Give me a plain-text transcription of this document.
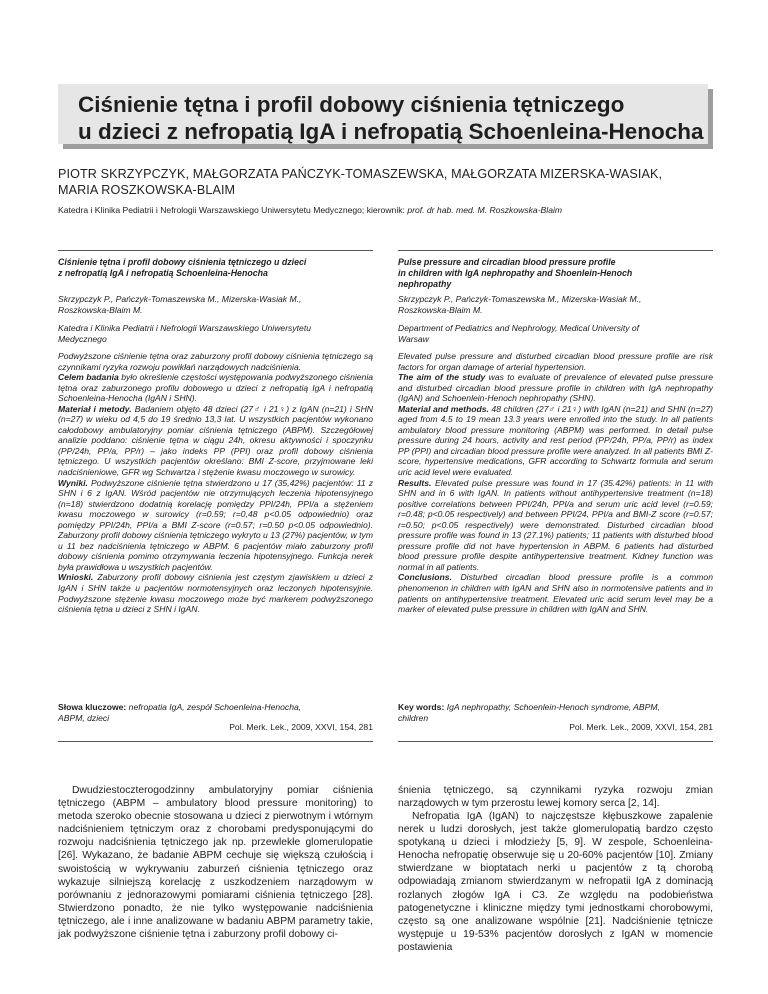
Ciśnienie tętna i profil dobowy ciśnienia tętniczego
u dzieci z nefropatią IgA i nefropatią Schoenleina-Henocha

PIOTR SKRZYPCZYK, MAŁGORZATA PAŃCZYK-TOMASZEWSKA, MAŁGORZATA MIZERSKA-WASIAK,
MARIA ROSZKOWSKA-BLAIM

Katedra i Klinika Pediatrii i Nefrologii Warszawskiego Uniwersytetu Medycznego; kierownik: prof. dr hab. med. M. Roszkowska-Blaim

Ciśnienie tętna i profil dobowy ciśnienia tętniczego u dzieci
z nefropatią IgA i nefropatią Schoenleina-Henocha

Skrzypczyk P., Pańczyk-Tomaszewska M., Mizerska-Wasiak M.,
Roszkowska-Blaim M.

Katedra i Klinika Pediatrii i Nefrologii Warszawskiego Uniwersytetu
Medycznego

Podwyższone ciśnienie tętna oraz zaburzony profil dobowy ciśnienia tętniczego są czynnikami ryzyka rozwoju powikłań narządowych nadciśnienia.
Celem badania było określenie częstości występowania podwyższonego ciśnienia tętna oraz zaburzonego profilu dobowego u dzieci z nefropatią IgA i nefropatią Schoenleina-Henocha (IgAN i SHN).
Materiał i metody. Badaniem objęto 48 dzieci (27♂ i 21♀) z IgAN (n=21) i SHN (n=27) w wieku od 4,5 do 19 średnio 13,3 lat. U wszystkich pacjentów wykonano całodobowy ambulatoryjny pomiar ciśnienia tętniczego (ABPM). Szczegółowej analizie poddano: ciśnienie tętna w ciągu 24h, okresu aktywności i spoczynku (PP/24h, PP/a, PP/r) – jako indeks PP (PPI) oraz profil dobowy ciśnienia tętniczego. U wszystkich pacjentów określano: BMI Z-score, przyjmowane leki nadciśnieniowe, GFR wg Schwartza i stężenie kwasu moczowego w surowicy.
Wyniki. Podwyższone ciśnienie tętna stwierdzono u 17 (35,42%) pacjentów: 11 z SHN i 6 z IgAN. Wśród pacjentów nie otrzymujących leczenia hipotensyjnego (n=18) stwierdzono dodatnią korelację pomiędzy PPI/24h, PPI/a a stężeniem kwasu moczowego w surowicy (r=0.59; r=0,48 p<0.05 odpowiednio) oraz pomiędzy PPI/24h, PPI/a a BMI Z-score (r=0.57; r=0.50 p<0.05 odpowiednio). Zaburzony profil dobowy ciśnienia tętniczego wykryto u 13 (27%) pacjentów, w tym u 11 bez nadciśnienia tętniczego w ABPM. 6 pacjentów miało zaburzony profil dobowy ciśnienia pomimo otrzymywania leczenia hipotensyjnego. Funkcja nerek była prawidłowa u wszystkich pacjentów.
Wnioski. Zaburzony profil dobowy ciśnienia jest częstym zjawiskiem u dzieci z IgAN i SHN także u pacjentów normotensyjnych oraz leczonych hipotensyjnie. Podwyższone stężenie kwasu moczowego może być markerem podwyższonego ciśnienia tętna u dzieci z SHN i IgAN.

Słowa kluczowe: nefropatia IgA, zespół Schoenleina-Henocha,
ABPM, dzieci

Pol. Merk. Lek., 2009, XXVI, 154, 281

Pulse pressure and circadian blood pressure profile
in children with IgA nephropathy and Shoenlein-Henoch
nephropathy

Skrzypczyk P., Pańczyk-Tomaszewska M., Mizerska-Wasiak M.,
Roszkowska-Blaim M.

Department of Pediatrics and Nephrology, Medical University of
Warsaw

Elevated pulse pressure and disturbed circadian blood pressure profile are risk factors for organ damage of arterial hypertension.
The aim of the study was to evaluate of prevalence of elevated pulse pressure and disturbed circadian blood pressure profile in children with IgA nephropathy (IgAN) and Schoenlein-Henoch nephropathy (SHN).
Material and methods. 48 children (27♂ i 21♀) with IgAN (n=21) and SHN (n=27) aged from 4.5 to 19 mean 13.3 years were enrolled into the study. In all patients ambulatory blood pressure monitoring (ABPM) was performed. In detail pulse pressure during 24 hours, activity and rest period (PP/24h, PP/a, PP/r) as index PP (PPI) and circadian blood pressure profile were analyzed. In all patients BMI Z-score, hypertensive medications, GFR according to Schwartz formula and serum uric acid level were evaluated.
Results. Elevated pulse pressure was found in 17 (35.42%) patients: in 11 with SHN and in 6 with IgAN. In patients without antihypertensive treatment (n=18) positive correlations between PPI/24h, PPI/a and serum uric acid level (r=0.59; r=0.48; p<0.05 respectively) and between PPI/24, PPI/a and BMI-Z score (r=0.57; r=0.50; p<0.05 respectively) were demonstrated. Disturbed circadian blood pressure profile was found in 13 (27.1%) patients; 11 patients with disturbed blood pressure profile did not have hypertension in ABPM. 6 patients had disturbed blood pressure profile despite antihypertensive treatment. Kidney function was normal in all patients.
Conclusions. Disturbed circadian blood pressure profile is a common phenomenon in children with IgAN and SHN also in normotensive patients and in patients on antihypertensive treatment. Elevated uric acid serum level may be a marker of elevated pulse pressure in children with IgAN and SHN.

Key words: IgA nephropathy, Schoenlein-Henoch syndrome, ABPM,
children

Pol. Merk. Lek., 2009, XXVI, 154, 281

Dwudziestoczterogodzinny ambulatoryjny pomiar ciśnienia tętniczego (ABPM – ambulatory blood pressure monitoring) to metoda szeroko obecnie stosowana u dzieci z pierwotnym i wtórnym nadciśnieniem tętniczym oraz z chorobami predysponującymi do rozwoju nadciśnienia tętniczego jak np. przewlekłe glomerulopatie [26]. Wykazano, że badanie ABPM cechuje się większą czułością i swoistością w wykrywaniu zaburzeń ciśnienia tętniczego oraz wykazuje silniejszą korelację z uszkodzeniem narządowym w porównaniu z jednorazowymi pomiarami ciśnienia tętniczego [28]. Stwierdzono ponadto, że nie tylko występowanie nadciśnienia tętniczego, ale i inne analizowane w badaniu ABPM parametry takie, jak podwyższone ciśnienie tętna i zaburzony profil dobowy ci-

śnienia tętniczego, są czynnikami ryzyka rozwoju zmian narządowych w tym przerostu lewej komory serca [2, 14].

Nefropatia IgA (IgAN) to najczęstsze kłębuszkowe zapalenie nerek u ludzi dorosłych, jest także glomerulopatią bardzo często spotykaną u dzieci i młodzieży [5, 9]. W zespole, Schoenleina-Henocha nefropatię obserwuje się u 20-60% pacjentów [10]. Zmiany stwierdzane w bioptatach nerki u pacjentów z tą chorobą odpowiadają zmianom stwierdzanym w nefropatii IgA z dominacją rozlanych złogów IgA i C3. Ze względu na podobieństwa patogenetyczne i kliniczne między tymi jednostkami chorobowymi, często są one analizowane wspólnie [21]. Nadciśnienie tętnicze występuje u 19-53% pacjentów dorosłych z IgAN w momencie postawienia
